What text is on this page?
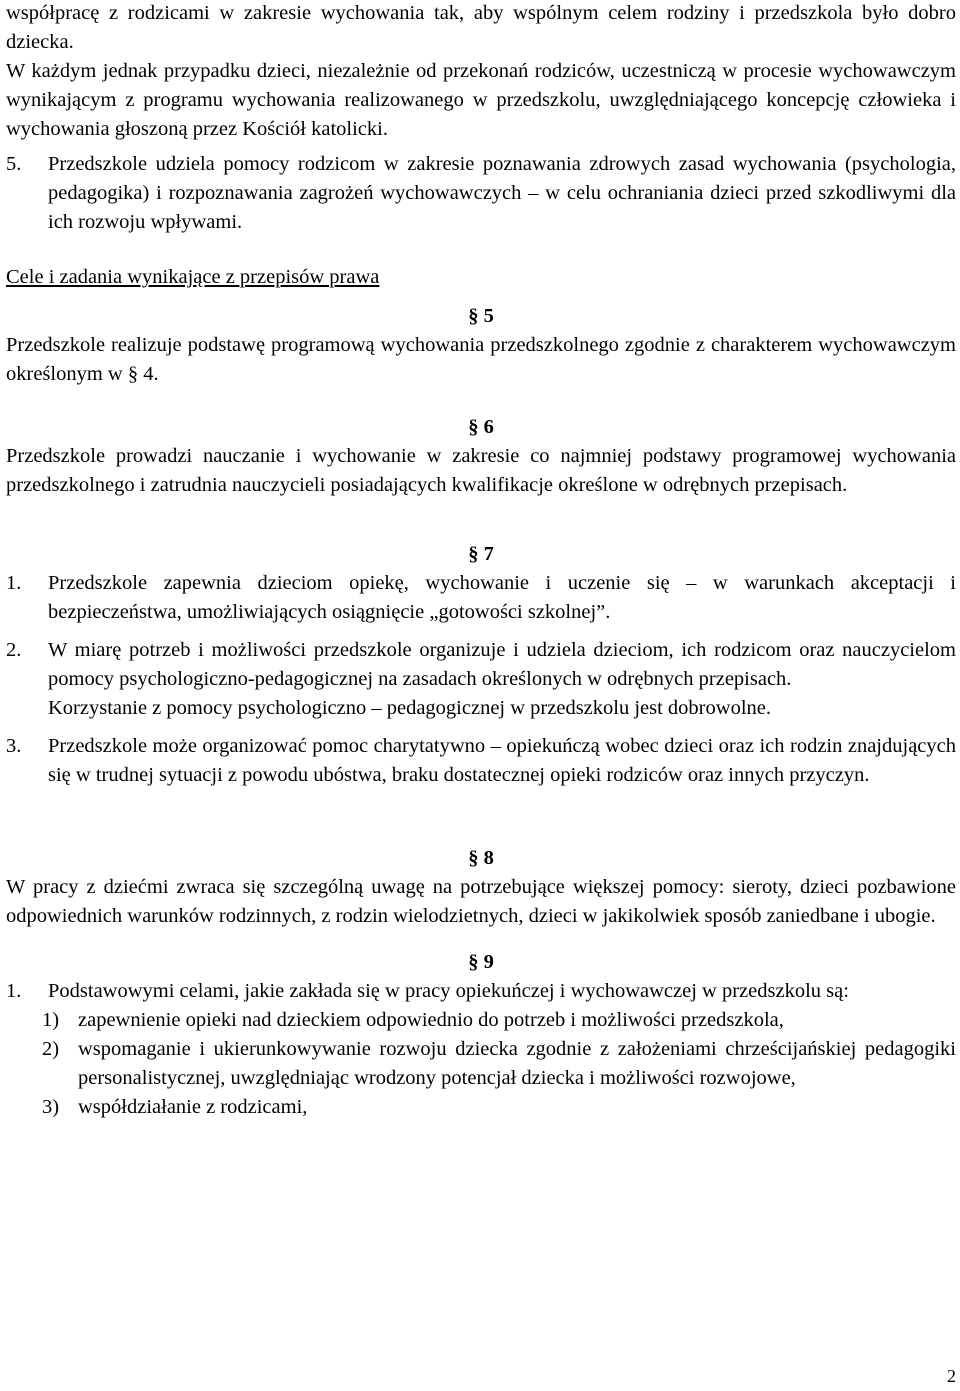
współpracę z rodzicami w zakresie wychowania tak, aby wspólnym celem rodziny i przedszkola było dobro dziecka.

W każdym jednak przypadku dzieci, niezależnie od przekonań rodziców, uczestniczą w procesie wychowawczym wynikającym z programu wychowania realizowanego w przedszkolu, uwzględniającego koncepcję człowieka i wychowania głoszoną przez Kościół katolicki.

5. Przedszkole udziela pomocy rodzicom w zakresie poznawania zdrowych zasad wychowania (psychologia, pedagogika) i rozpoznawania zagrożeń wychowawczych – w celu ochraniania dzieci przed szkodliwymi dla ich rozwoju wpływami.

Cele i zadania wynikające z przepisów prawa

§ 5

Przedszkole realizuje podstawę programową wychowania przedszkolnego zgodnie z charakterem wychowawczym określonym w § 4.

§ 6

Przedszkole prowadzi nauczanie i wychowanie w zakresie co najmniej podstawy programowej wychowania przedszkolnego i zatrudnia nauczycieli posiadających kwalifikacje określone w odrębnych przepisach.

§ 7

1. Przedszkole zapewnia dzieciom opiekę, wychowanie i uczenie się – w warunkach akceptacji i bezpieczeństwa, umożliwiających osiągnięcie „gotowości szkolnej”.

2. W miarę potrzeb i możliwości przedszkole organizuje i udziela dzieciom, ich rodzicom oraz nauczycielom pomocy psychologiczno-pedagogicznej na zasadach określonych w odrębnych przepisach.
Korzystanie z pomocy psychologiczno – pedagogicznej w przedszkolu jest dobrowolne.

3. Przedszkole może organizować pomoc charytatywno – opiekuńczą wobec dzieci oraz ich rodzin znajdujących się w trudnej sytuacji z powodu ubóstwa, braku dostatecznej opieki rodziców oraz innych przyczyn.

§ 8

W pracy z dziećmi zwraca się szczególną uwagę na potrzebujące większej pomocy: sieroty, dzieci pozbawione odpowiednich warunków rodzinnych, z rodzin wielodzietnych, dzieci w jakikolwiek sposób zaniedbane i ubogie.

§ 9

1. Podstawowymi celami, jakie zakłada się w pracy opiekuńczej i wychowawczej w przedszkolu są:

1) zapewnienie opieki nad dzieckiem odpowiednio do potrzeb i możliwości przedszkola,

2) wspomaganie i ukierunkowywanie rozwoju dziecka zgodnie z założeniami chrześcijańskiej pedagogiki personalistycznej, uwzględniając wrodzony potencjał dziecka i możliwości rozwojowe,

3) współdziałanie z rodzicami,

2
